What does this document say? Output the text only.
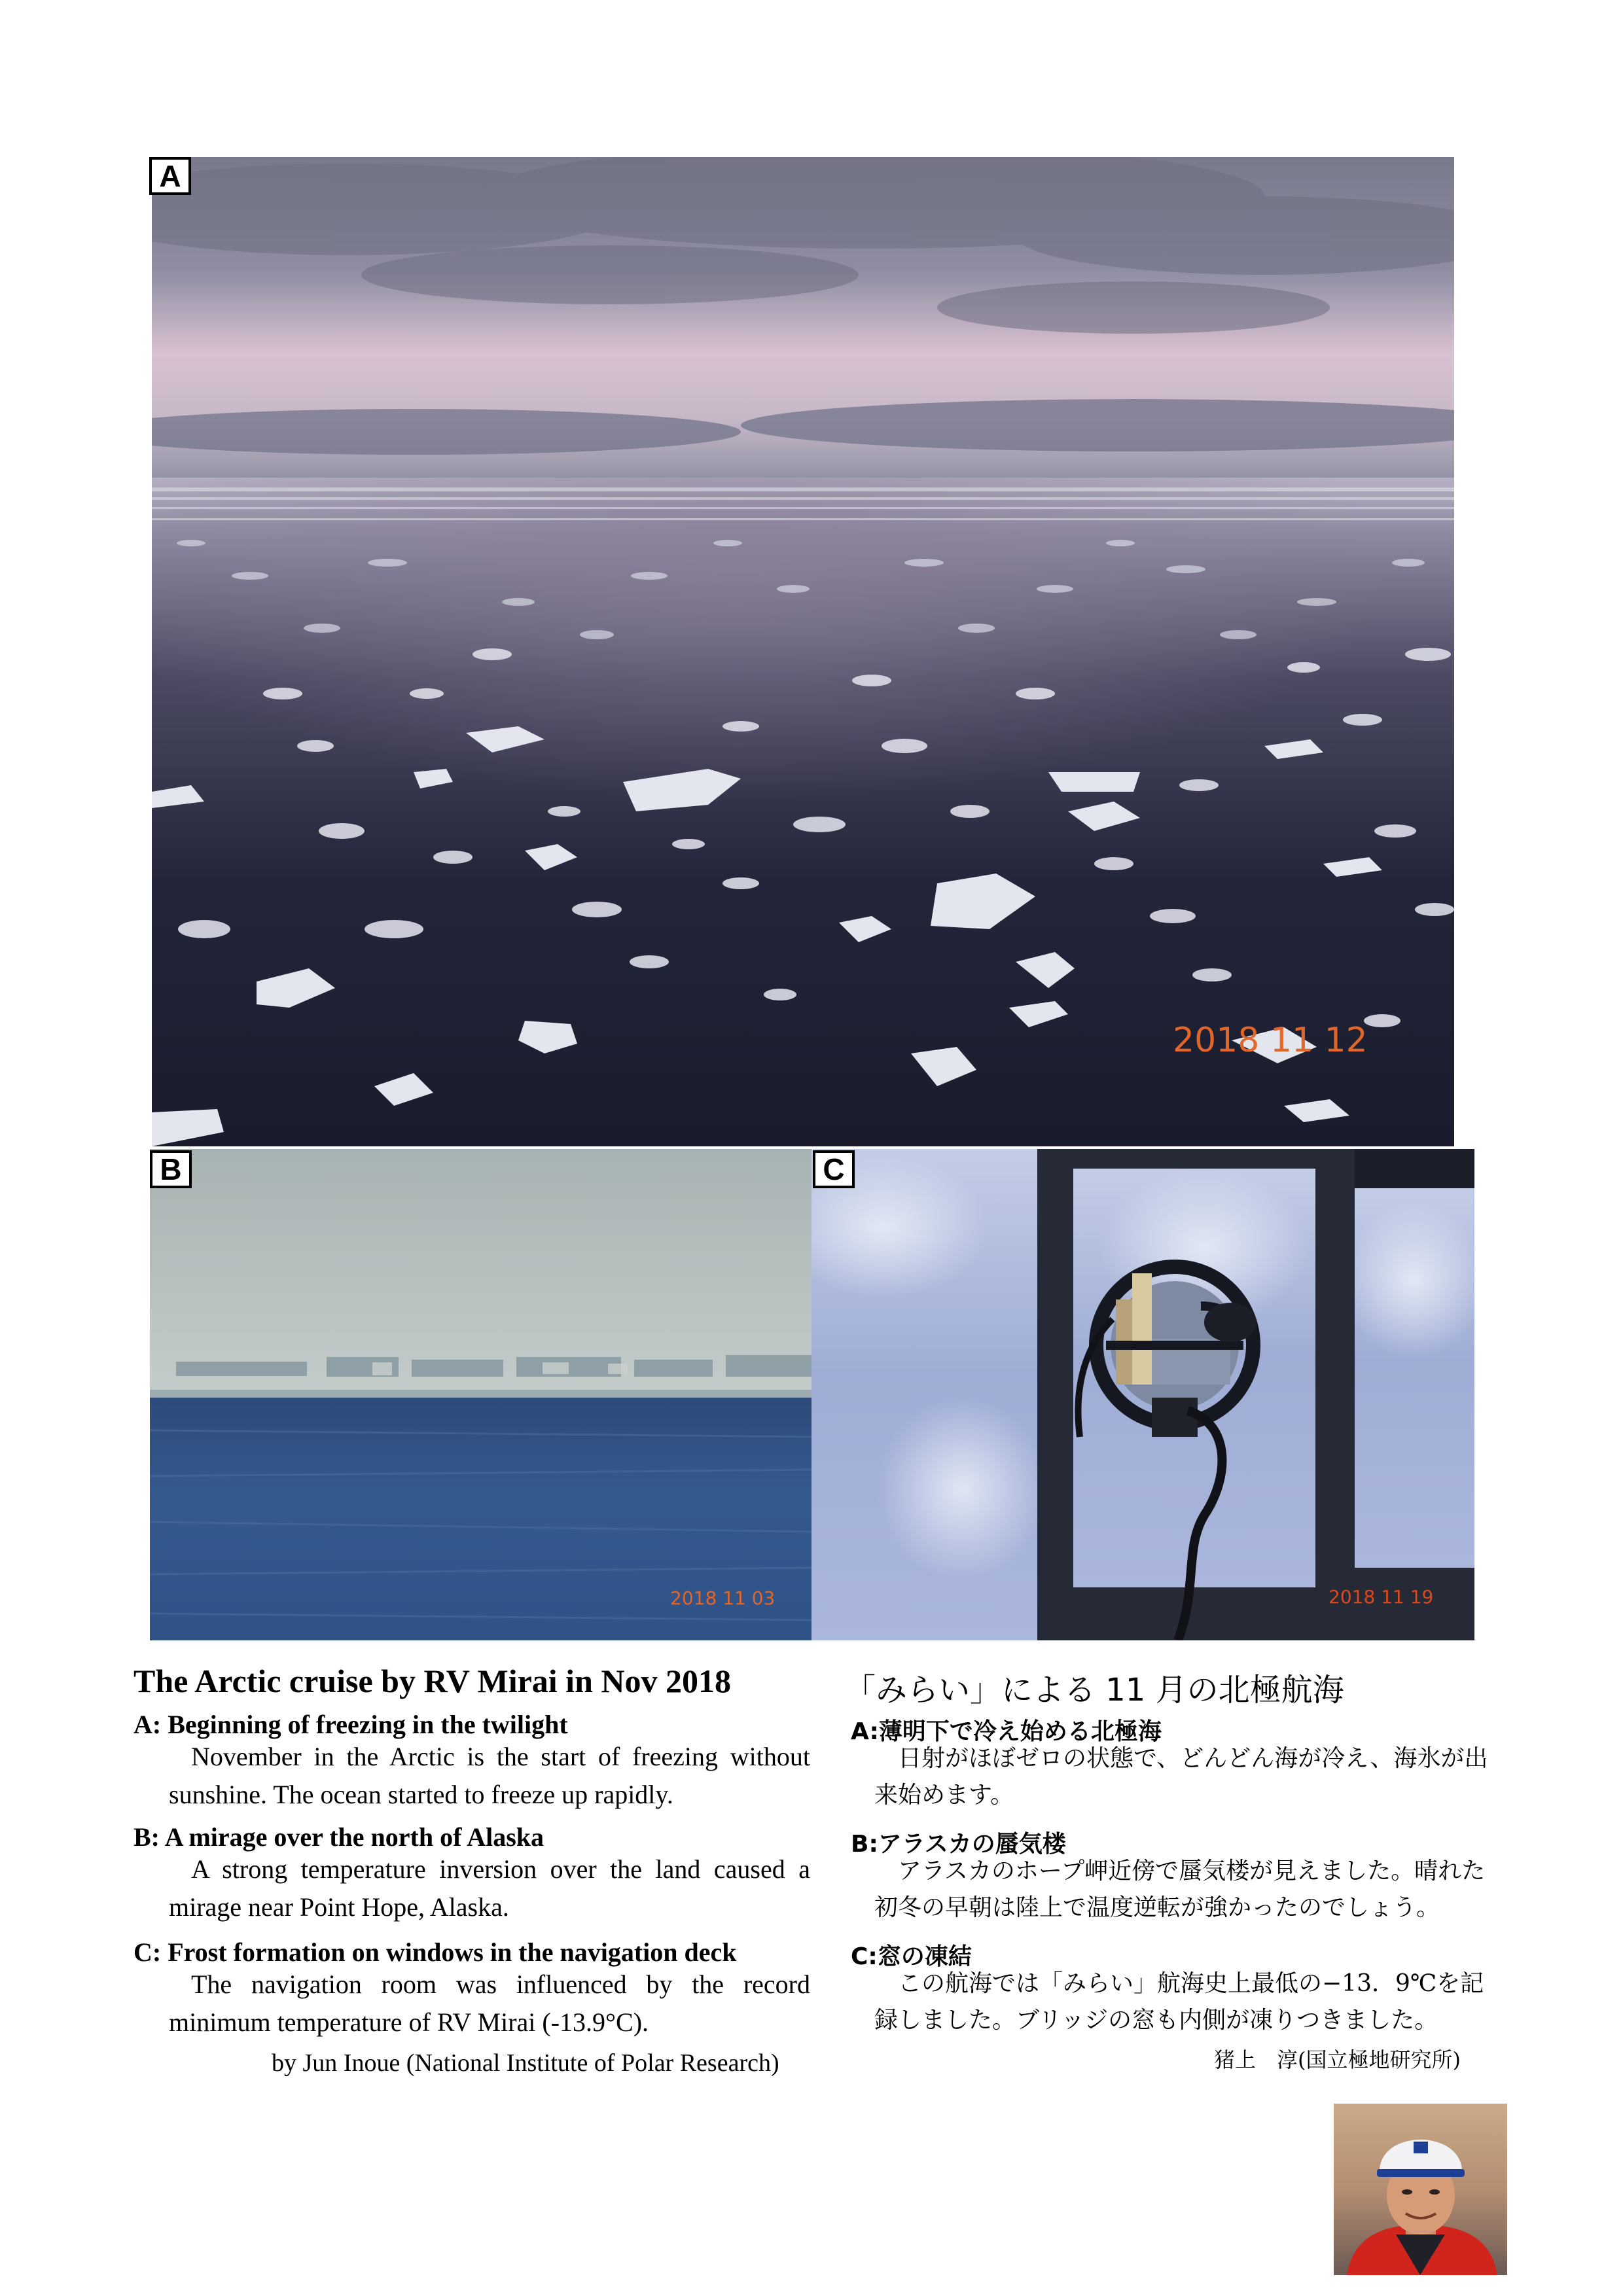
2018 11 12
A
2018 11 03
B
2018 11 19
C
The Arctic cruise by RV Mirai in Nov 2018
A: Beginning of freezing in the twilight
November in the Arctic is the start of freezing without sunshine. The ocean started to freeze up rapidly.
B: A mirage over the north of Alaska
A strong temperature inversion over the land caused a mirage near Point Hope, Alaska.
C: Frost formation on windows in the navigation deck
The navigation room was influenced by the record minimum temperature of RV Mirai (-13.9°C).
by Jun Inoue (National Institute of Polar Research)
「みらい」による 11 月の北極航海
A:薄明下で冷え始める北極海
日射がほぼゼロの状態で、どんどん海が冷え、海氷が出来始めます。
B:アラスカの蜃気楼
アラスカのホープ岬近傍で蜃気楼が見えました。晴れた初冬の早朝は陸上で温度逆転が強かったのでしょう。
C:窓の凍結
この航海では「みらい」航海史上最低の−13．9℃を記録しました。ブリッジの窓も内側が凍りつきました。
猪上　淳(国立極地研究所)
